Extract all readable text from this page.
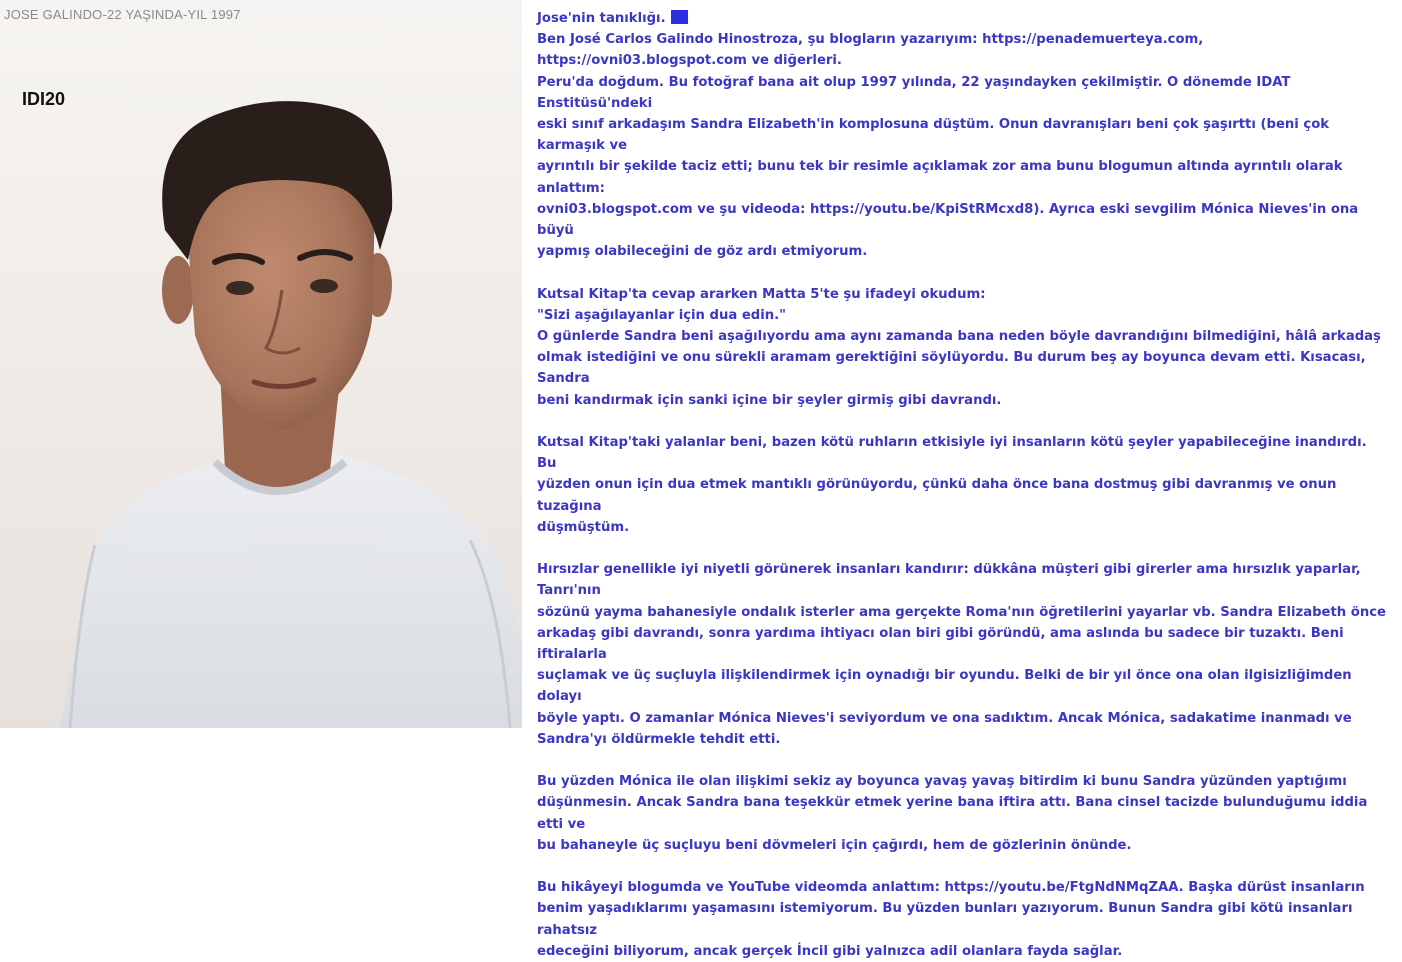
JOSE GALINDO-22 YAŞINDA-YIL 1997
IDI20

Jose'nin tanıklığı.

Ben José Carlos Galindo Hinostroza, şu blogların yazarıyım: https://penademuerteya.com,
https://ovni03.blogspot.com ve diğerleri.
Peru'da doğdum. Bu fotoğraf bana ait olup 1997 yılında, 22 yaşındayken çekilmiştir. O dönemde IDAT Enstitüsü'ndeki
eski sınıf arkadaşım Sandra Elizabeth'in komplosuna düştüm. Onun davranışları beni çok şaşırttı (beni çok karmaşık ve
ayrıntılı bir şekilde taciz etti; bunu tek bir resimle açıklamak zor ama bunu blogumun altında ayrıntılı olarak anlattım:
ovni03.blogspot.com ve şu videoda: https://youtu.be/KpiStRMcxd8). Ayrıca eski sevgilim Mónica Nieves'in ona büyü
yapmış olabileceğini de göz ardı etmiyorum.

Kutsal Kitap'ta cevap ararken Matta 5'te şu ifadeyi okudum:
"Sizi aşağılayanlar için dua edin."
O günlerde Sandra beni aşağılıyordu ama aynı zamanda bana neden böyle davrandığını bilmediğini, hâlâ arkadaş
olmak istediğini ve onu sürekli aramam gerektiğini söylüyordu. Bu durum beş ay boyunca devam etti. Kısacası, Sandra
beni kandırmak için sanki içine bir şeyler girmiş gibi davrandı.

Kutsal Kitap'taki yalanlar beni, bazen kötü ruhların etkisiyle iyi insanların kötü şeyler yapabileceğine inandırdı. Bu
yüzden onun için dua etmek mantıklı görünüyordu, çünkü daha önce bana dostmuş gibi davranmış ve onun tuzağına
düşmüştüm.

Hırsızlar genellikle iyi niyetli görünerek insanları kandırır: dükkâna müşteri gibi girerler ama hırsızlık yaparlar, Tanrı'nın
sözünü yayma bahanesiyle ondalık isterler ama gerçekte Roma'nın öğretilerini yayarlar vb. Sandra Elizabeth önce
arkadaş gibi davrandı, sonra yardıma ihtiyacı olan biri gibi göründü, ama aslında bu sadece bir tuzaktı. Beni iftiralarla
suçlamak ve üç suçluyla ilişkilendirmek için oynadığı bir oyundu. Belki de bir yıl önce ona olan ilgisizliğimden dolayı
böyle yaptı. O zamanlar Mónica Nieves'i seviyordum ve ona sadıktım. Ancak Mónica, sadakatime inanmadı ve
Sandra'yı öldürmekle tehdit etti.

Bu yüzden Mónica ile olan ilişkimi sekiz ay boyunca yavaş yavaş bitirdim ki bunu Sandra yüzünden yaptığımı
düşünmesin. Ancak Sandra bana teşekkür etmek yerine bana iftira attı. Bana cinsel tacizde bulunduğumu iddia etti ve
bu bahaneyle üç suçluyu beni dövmeleri için çağırdı, hem de gözlerinin önünde.

Bu hikâyeyi blogumda ve YouTube videomda anlattım: https://youtu.be/FtgNdNMqZAA. Başka dürüst insanların
benim yaşadıklarımı yaşamasını istemiyorum. Bu yüzden bunları yazıyorum. Bunun Sandra gibi kötü insanları rahatsız
edeceğini biliyorum, ancak gerçek İncil gibi yalnızca adil olanlara fayda sağlar.
